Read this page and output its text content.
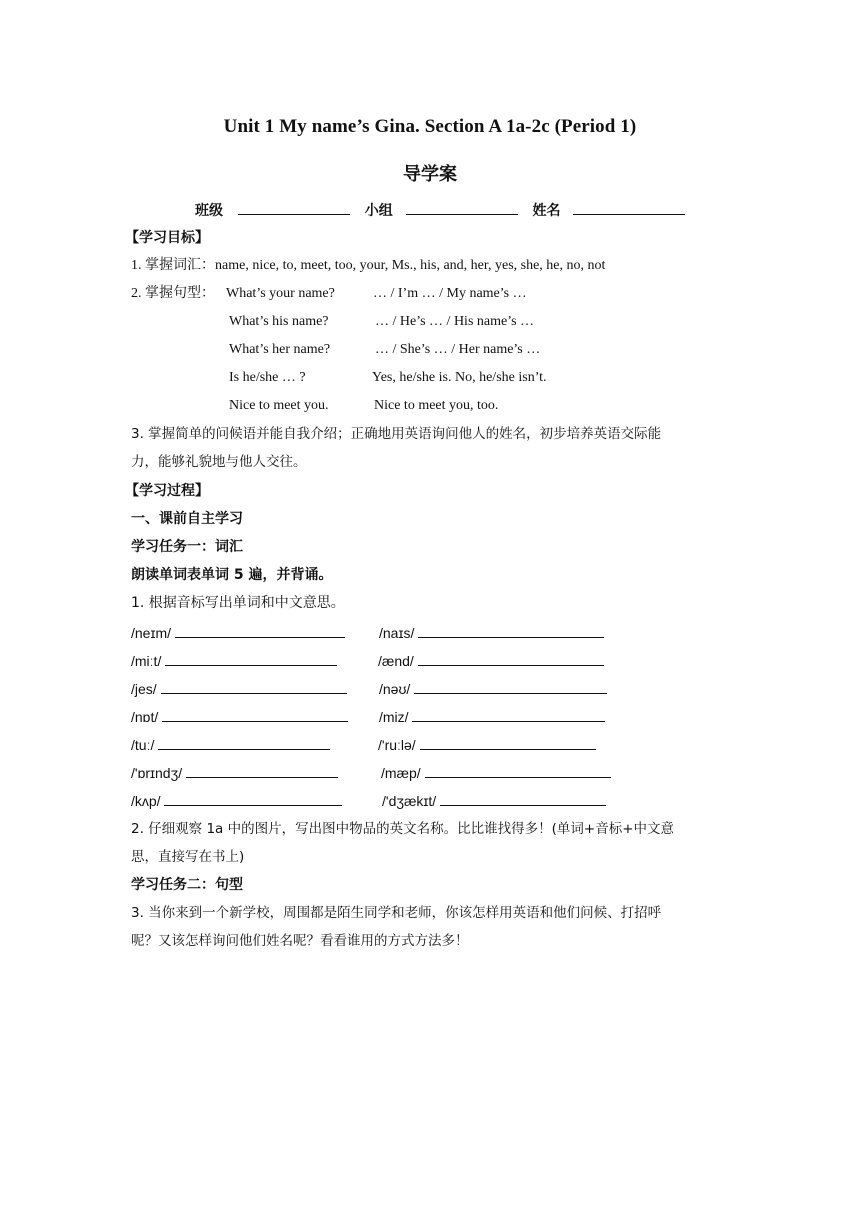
Unit 1 My name’s Gina. Section A 1a-2c (Period 1)
导学案
班级	小组	姓名
【学习目标】
1. 掌握词汇：name, nice, to, meet, too, your, Ms., his, and, her, yes, she, he, no, not
2. 掌握句型： What’s your name?	… / I’m … / My name’s …
What’s his name?	… / He’s … / His name’s …
What’s her name?	… / She’s … / Her name’s …
Is he/she … ?	Yes, he/she is. No, he/she isn’t.
Nice to meet you.	Nice to meet you, too.
3. 掌握简单的问候语并能自我介绍；正确地用英语询问他人的姓名，初步培养英语交际能
力，能够礼貌地与他人交往。
【学习过程】
一、课前自主学习
学习任务一：词汇
朗读单词表单词 5 遍，并背诵。
1. 根据音标写出单词和中文意思。
/neɪm/	/naɪs/
/miːt/	/ænd/
/jes/	/nəʊ/
/nɒt/	/miz/
/tuː/	/'ruːlə/
/'ɒrɪndʒ/	/mæp/
/kʌp/	/'dʒækɪt/
2. 仔细观察 1a 中的图片，写出图中物品的英文名称。比比谁找得多！(单词+音标+中文意
思，直接写在书上)
学习任务二：句型
3. 当你来到一个新学校，周围都是陌生同学和老师，你该怎样用英语和他们问候、打招呼
呢？又该怎样询问他们姓名呢？看看谁用的方式方法多！
